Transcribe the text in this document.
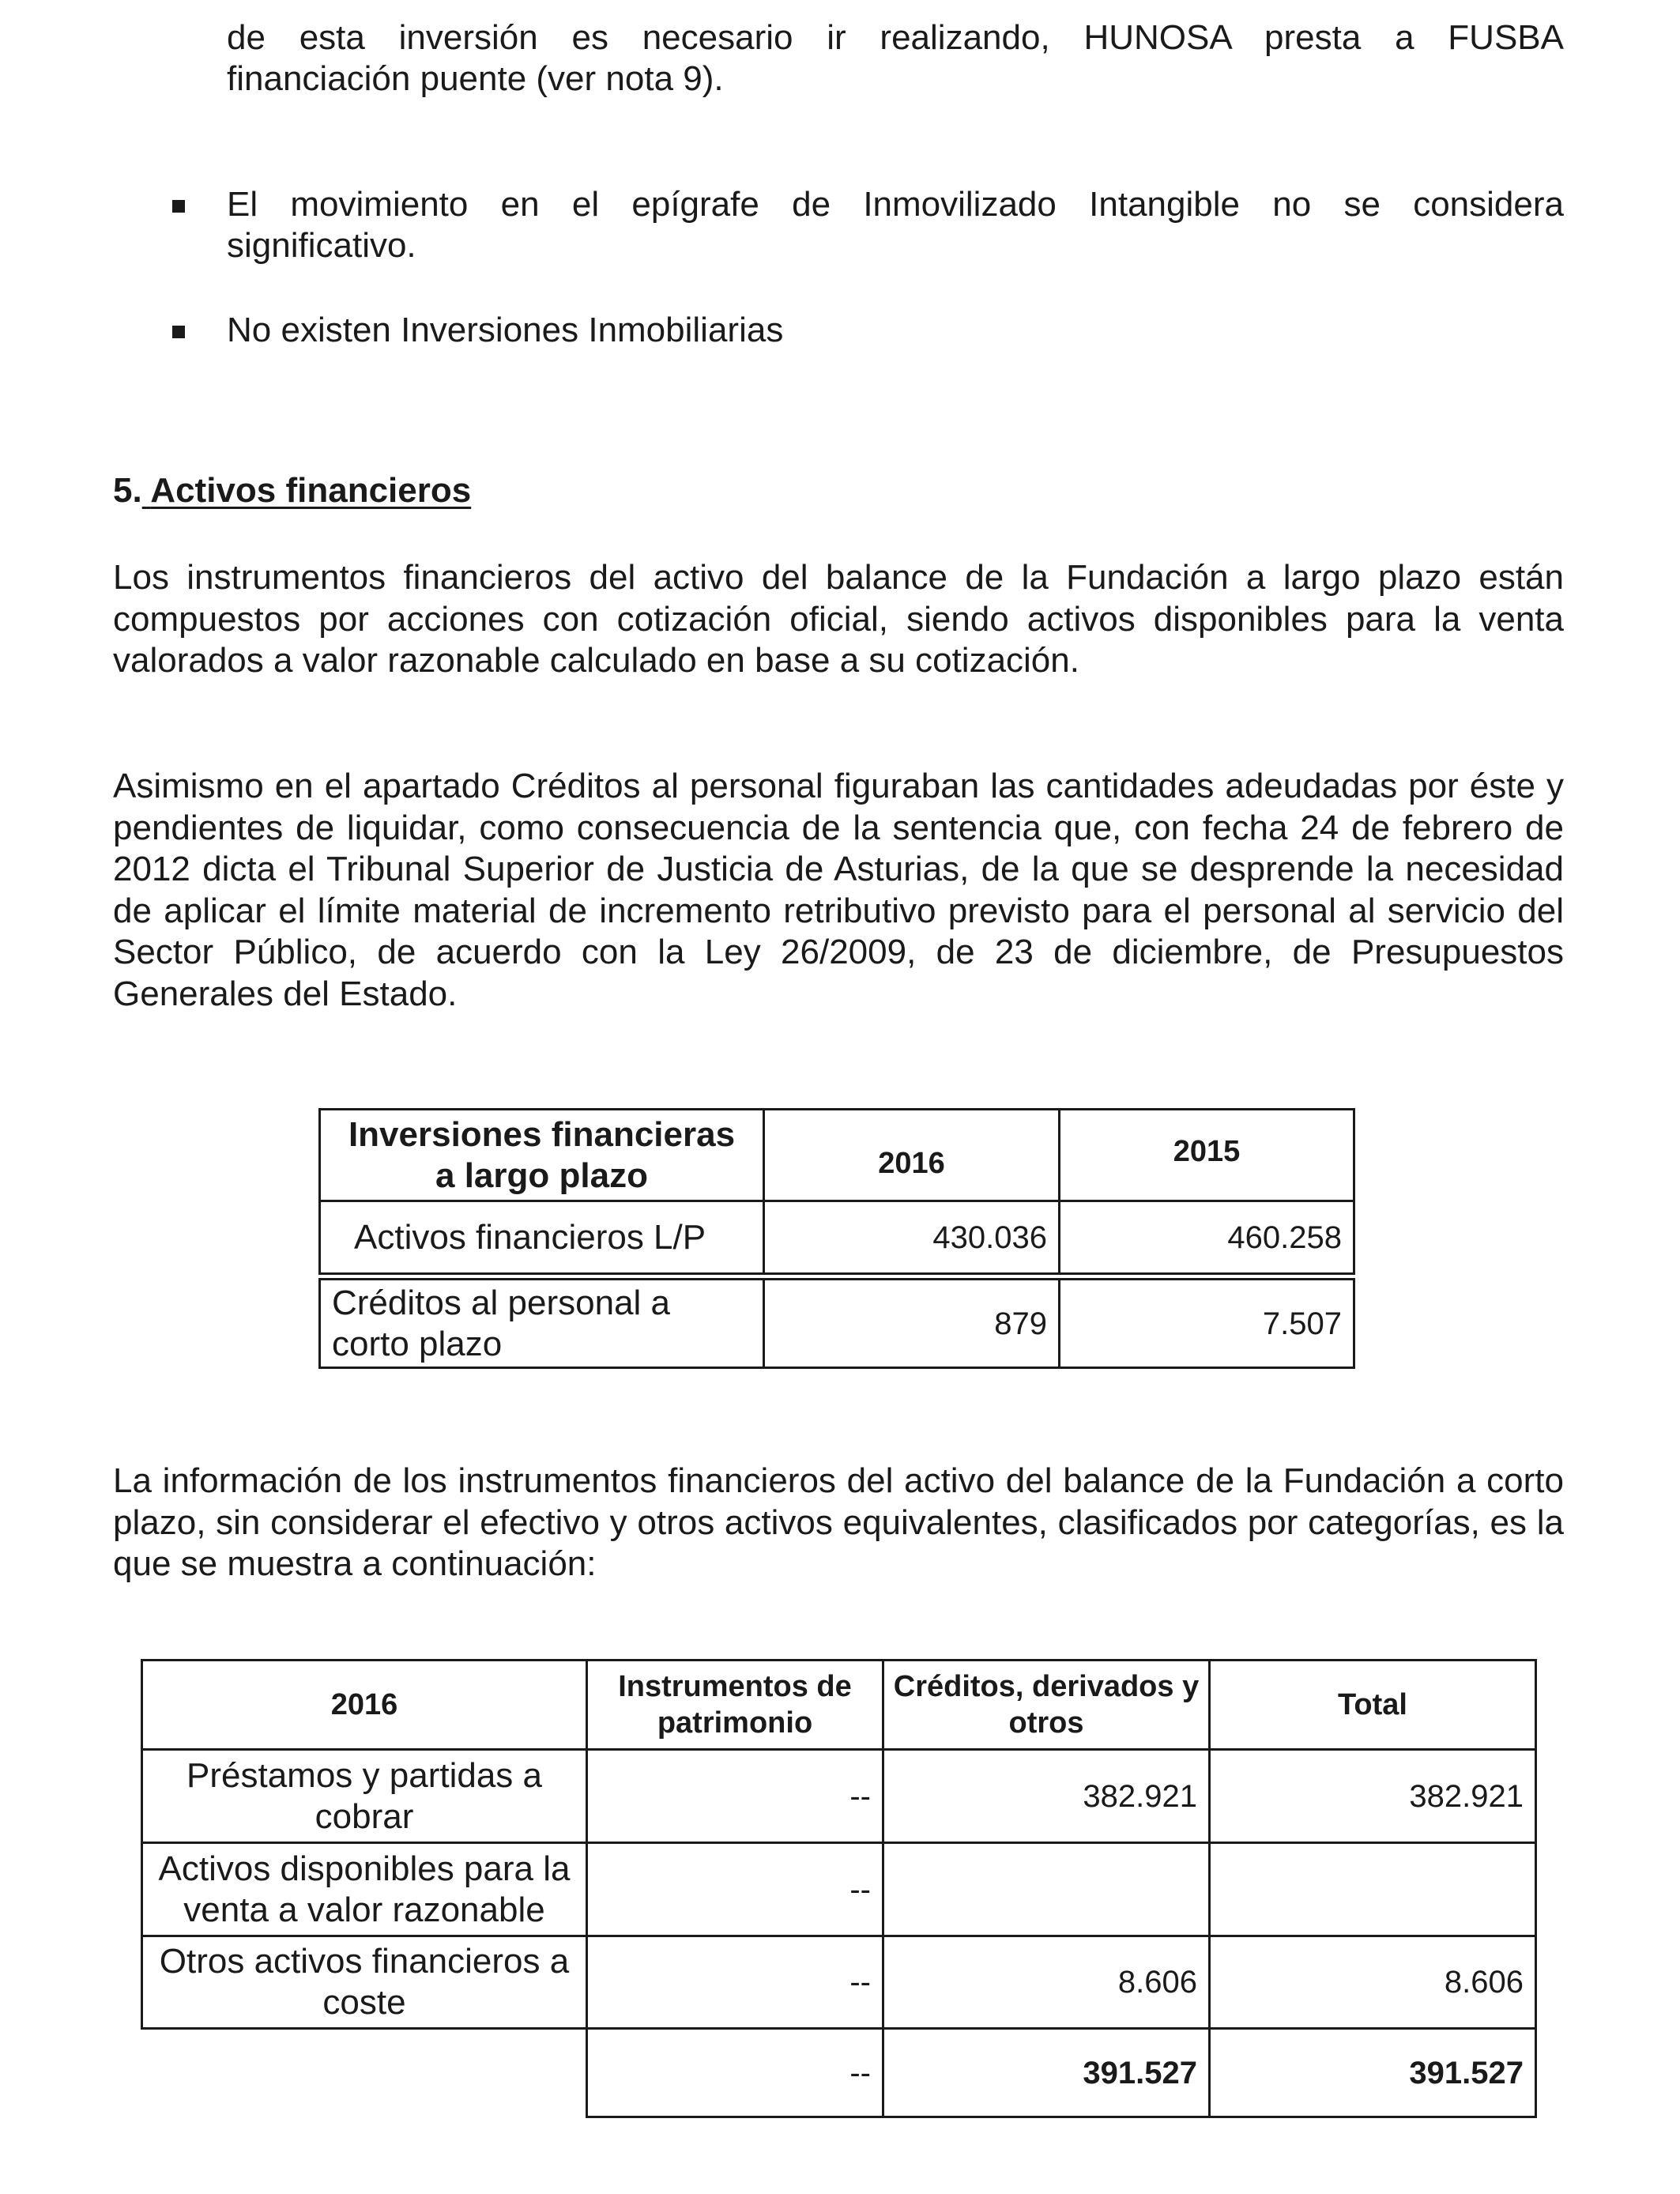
de esta inversión es necesario ir realizando, HUNOSA presta a FUSBA

financiación puente (ver nota 9).

El movimiento en el epígrafe de Inmovilizado Intangible no se considera

significativo.

No existen Inversiones Inmobiliarias

5. Activos financieros

Los instrumentos financieros del activo del balance de la Fundación a largo plazo están compuestos por acciones con cotización oficial, siendo activos disponibles para la venta valorados a valor razonable calculado en base a su cotización.

Asimismo en el apartado Créditos al personal figuraban las cantidades adeudadas por éste y pendientes de liquidar, como consecuencia de la sentencia que, con fecha 24 de febrero de 2012 dicta el Tribunal Superior de Justicia de Asturias, de la que se desprende la necesidad de aplicar el límite material de incremento retributivo previsto para el personal al servicio del Sector Público, de acuerdo con la Ley 26/2009, de 23 de diciembre, de Presupuestos Generales del Estado.

Inversiones financieras
a largo plazo	2016	2015
Activos financieros L/P	430.036	460.258

Créditos al personal a
corto plazo	879	7.507

La información de los instrumentos financieros del activo del balance de la Fundación a corto plazo, sin considerar el efectivo y otros activos equivalentes, clasificados por categorías, es la que se muestra a continuación:

2016	Instrumentos de patrimonio	Créditos, derivados y otros	Total
Préstamos y partidas a cobrar	--	382.921	382.921
Activos disponibles para la venta a valor razonable	--		
Otros activos financieros a coste	--	8.606	8.606
	--	391.527	391.527
